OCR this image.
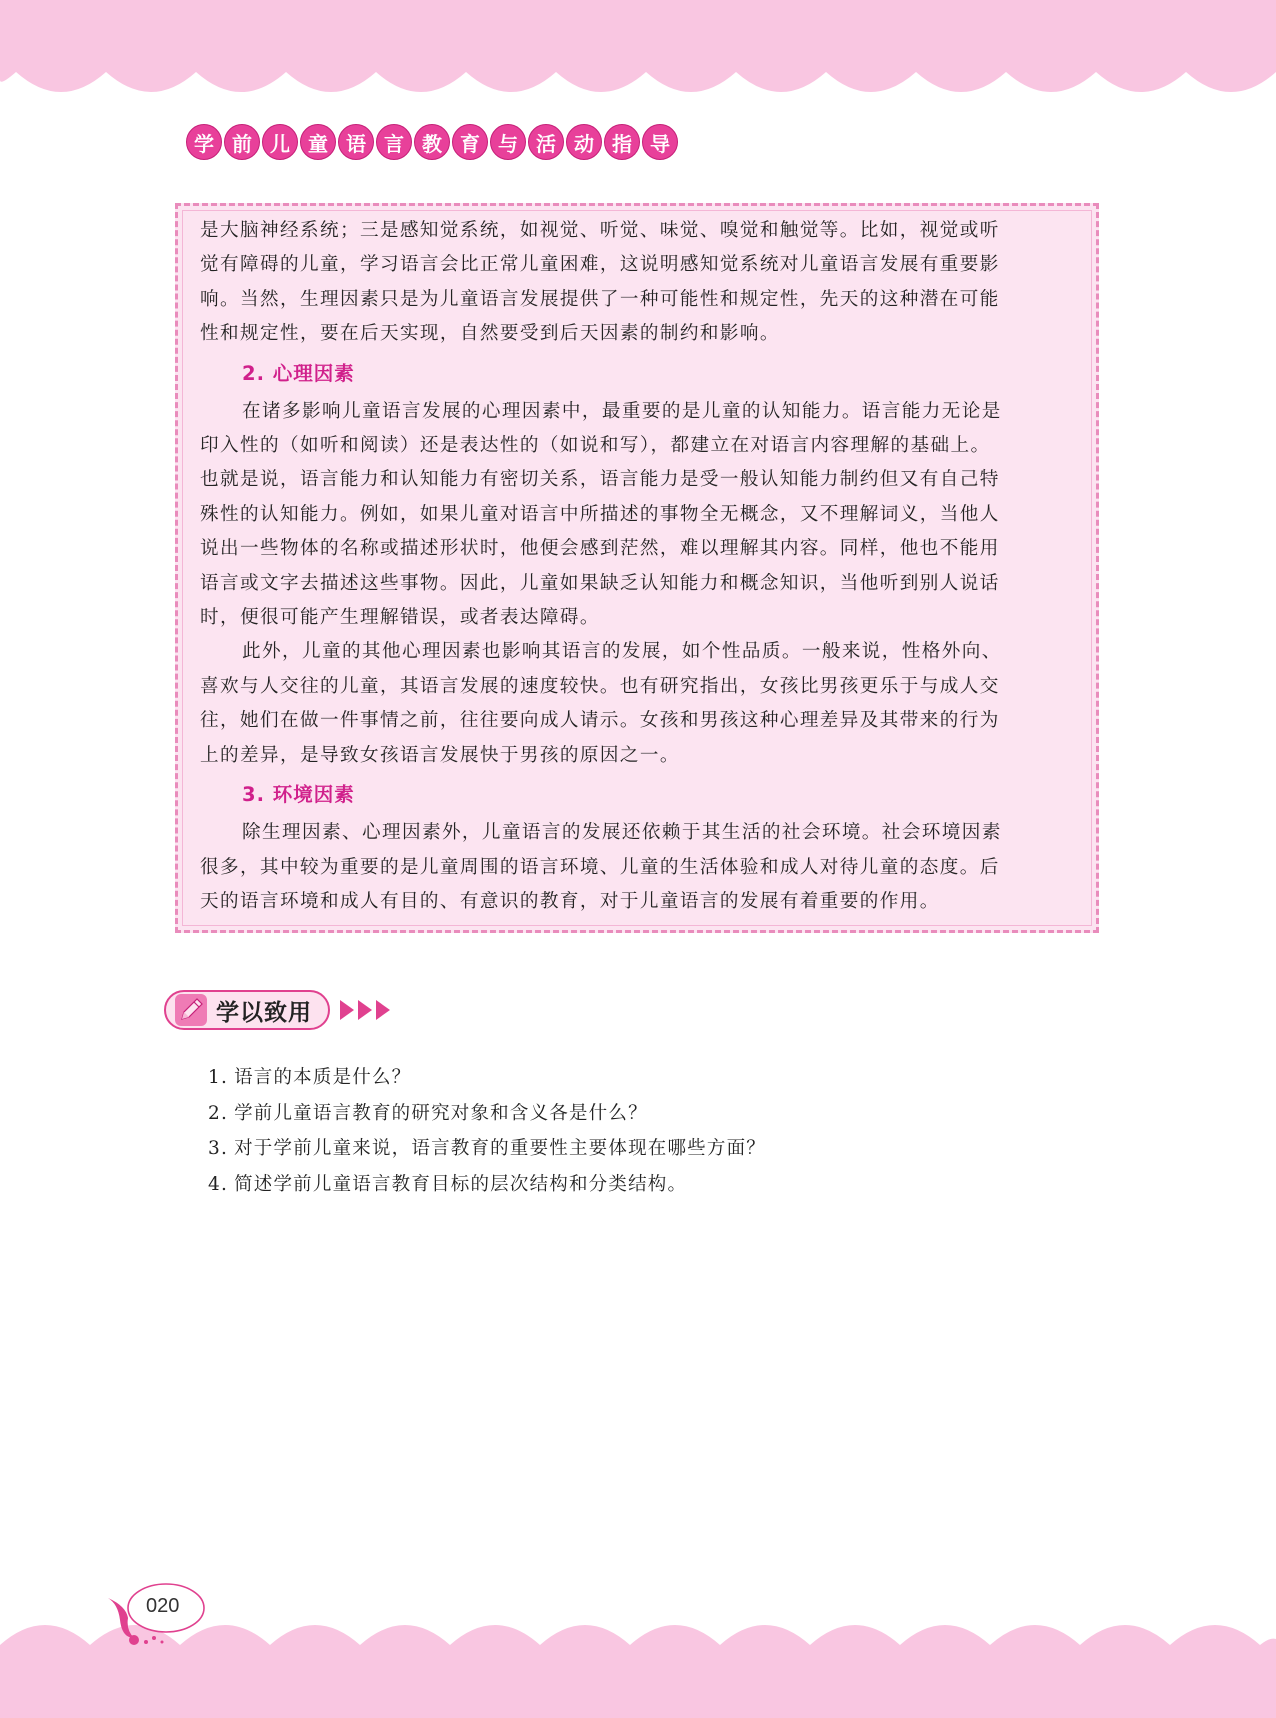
学 前 儿 童 语 言 教 育 与 活 动 指 导
是大脑神经系统；三是感知觉系统，如视觉、听觉、味觉、嗅觉和触觉等。比如，视觉或听
觉有障碍的儿童，学习语言会比正常儿童困难，这说明感知觉系统对儿童语言发展有重要影
响。当然，生理因素只是为儿童语言发展提供了一种可能性和规定性，先天的这种潜在可能
性和规定性，要在后天实现，自然要受到后天因素的制约和影响。
2. 心理因素
在诸多影响儿童语言发展的心理因素中，最重要的是儿童的认知能力。语言能力无论是
印入性的（如听和阅读）还是表达性的（如说和写），都建立在对语言内容理解的基础上。
也就是说，语言能力和认知能力有密切关系，语言能力是受一般认知能力制约但又有自己特
殊性的认知能力。例如，如果儿童对语言中所描述的事物全无概念，又不理解词义，当他人
说出一些物体的名称或描述形状时，他便会感到茫然，难以理解其内容。同样，他也不能用
语言或文字去描述这些事物。因此，儿童如果缺乏认知能力和概念知识，当他听到别人说话
时，便很可能产生理解错误，或者表达障碍。
此外，儿童的其他心理因素也影响其语言的发展，如个性品质。一般来说，性格外向、
喜欢与人交往的儿童，其语言发展的速度较快。也有研究指出，女孩比男孩更乐于与成人交
往，她们在做一件事情之前，往往要向成人请示。女孩和男孩这种心理差异及其带来的行为
上的差异，是导致女孩语言发展快于男孩的原因之一。
3. 环境因素
除生理因素、心理因素外，儿童语言的发展还依赖于其生活的社会环境。社会环境因素
很多，其中较为重要的是儿童周围的语言环境、儿童的生活体验和成人对待儿童的态度。后
天的语言环境和成人有目的、有意识的教育，对于儿童语言的发展有着重要的作用。
学以致用
1. 语言的本质是什么？
2. 学前儿童语言教育的研究对象和含义各是什么？
3. 对于学前儿童来说，语言教育的重要性主要体现在哪些方面？
4. 简述学前儿童语言教育目标的层次结构和分类结构。
020
